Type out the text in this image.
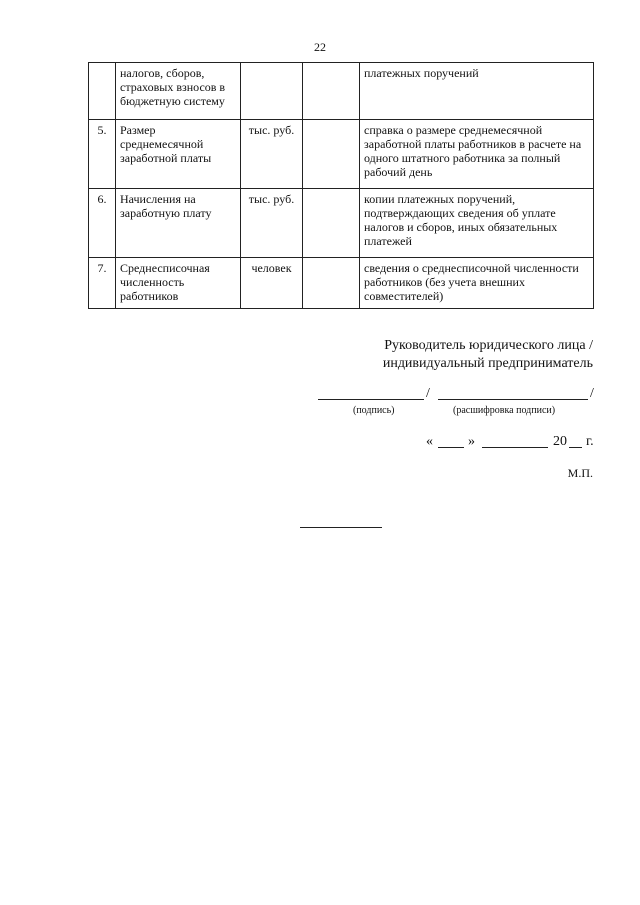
22
	налогов, сборов, страховых взносов в бюджетную систему			платежных поручений
5.	Размер среднемесячной заработной платы	тыс. руб.		справка о размере среднемесячной заработной платы работников в расчете на одного штатного работника за полный рабочий день
6.	Начисления на заработную плату	тыс. руб.		копии платежных поручений, подтверждающих сведения об уплате налогов и сборов, иных обязательных платежей
7.	Среднесписочная численность работников	человек		сведения о среднесписочной численности работников (без учета внешних совместителей)
Руководитель юридического лица /
индивидуальный предприниматель
/	/
(подпись)	(расшифровка подписи)
«	»	20 г.
М.П.
